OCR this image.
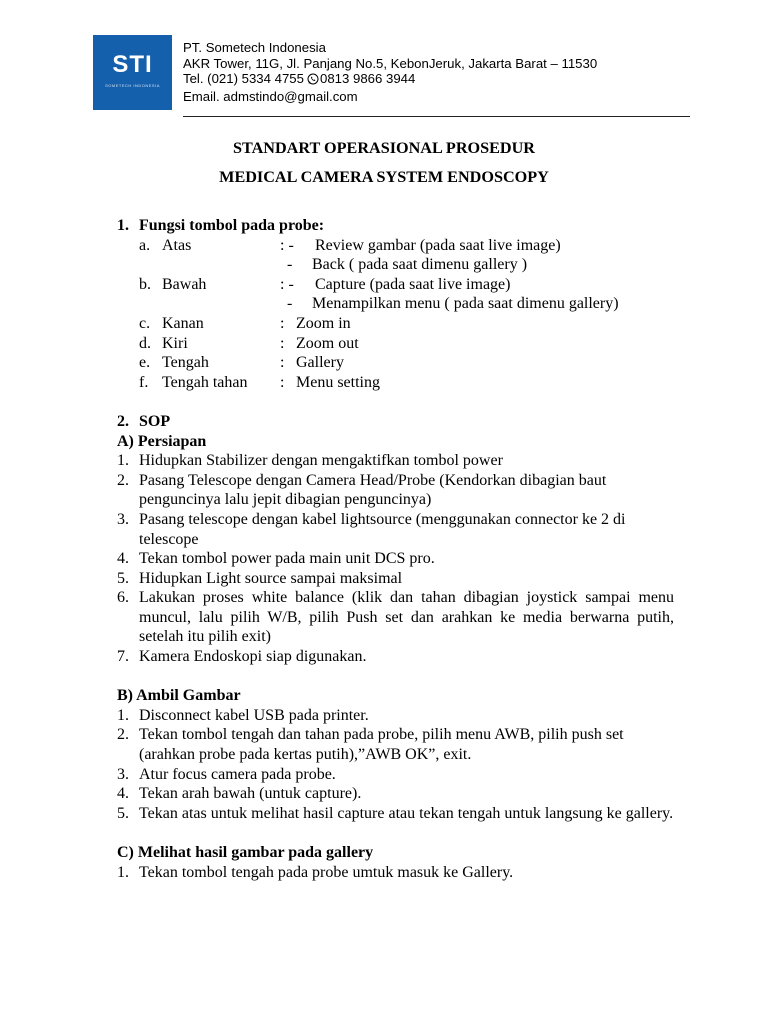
STI
SOMETECH INDONESIA
PT. Sometech Indonesia
AKR Tower, 11G, Jl. Panjang No.5, KebonJeruk, Jakarta Barat – 11530
Tel. (021) 5334 4755 0813 9866 3944
Email. admstindo@gmail.com
STANDART OPERASIONAL PROSEDUR
MEDICAL CAMERA SYSTEM ENDOSCOPY
1. Fungsi tombol pada probe:
a. Atas	: -	Review gambar (pada saat live image)
-	Back ( pada saat dimenu gallery )
b. Bawah	: -	Capture (pada saat live image)
-	Menampilkan menu ( pada saat dimenu gallery)
c. Kanan	: Zoom in
d. Kiri	: Zoom out
e. Tengah	: Gallery
f. Tengah tahan	: Menu setting
2. SOP
A) Persiapan
1. Hidupkan Stabilizer dengan mengaktifkan tombol power
2. Pasang Telescope dengan Camera Head/Probe (Kendorkan dibagian baut penguncinya lalu jepit dibagian penguncinya)
3. Pasang telescope dengan kabel lightsource (menggunakan connector ke 2 di telescope
4. Tekan tombol power pada main unit DCS pro.
5. Hidupkan Light source sampai maksimal
6. Lakukan proses white balance (klik dan tahan dibagian joystick sampai menu muncul, lalu pilih W/B, pilih Push set dan arahkan ke media berwarna putih, setelah itu pilih exit)
7. Kamera Endoskopi siap digunakan.
B) Ambil Gambar
1. Disconnect kabel USB pada printer.
2. Tekan tombol tengah dan tahan pada probe, pilih menu AWB, pilih push set (arahkan probe pada kertas putih),”AWB OK”, exit.
3. Atur focus camera pada probe.
4. Tekan arah bawah (untuk capture).
5. Tekan atas untuk melihat hasil capture atau tekan tengah untuk langsung ke gallery.
C) Melihat hasil gambar pada gallery
1. Tekan tombol tengah pada probe umtuk masuk ke Gallery.
